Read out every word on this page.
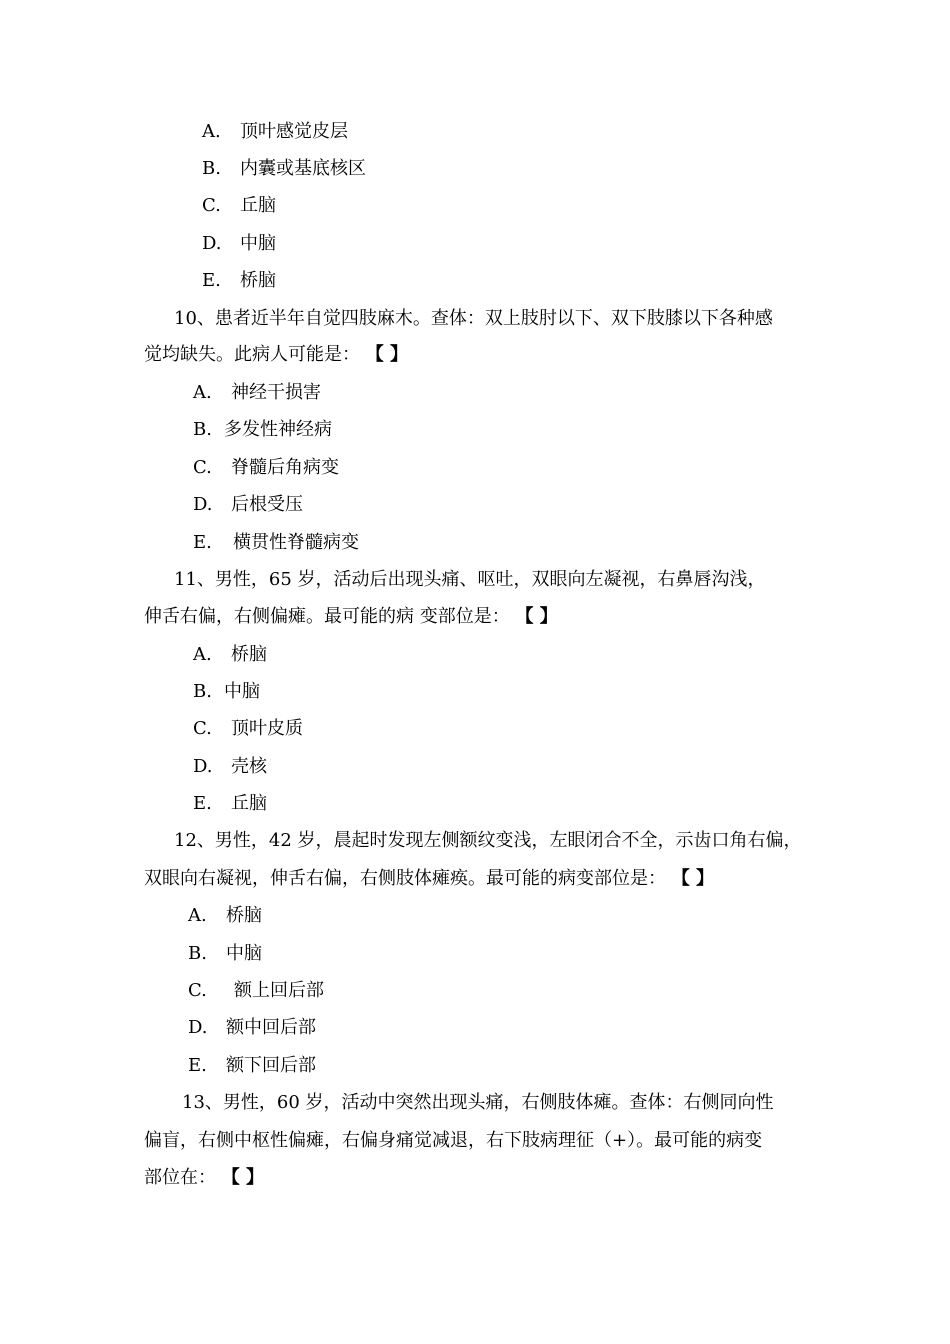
A.	顶叶感觉皮层
B.	内囊或基底核区
C.	丘脑
D.	中脑
E.	桥脑
10、患者近半年自觉四肢麻木。查体：双上肢肘以下、双下肢膝以下各种感
觉均缺失。此病人可能是： 【 】
A.	神经干损害
B. 多发性神经病
C.	脊髓后角病变
D.	后根受压
E.	横贯性脊髓病变
11、男性，65 岁，活动后出现头痛、呕吐，双眼向左凝视，右鼻唇沟浅，
伸舌右偏，右侧偏瘫。最可能的病 变部位是： 【 】
A.	桥脑
B. 中脑
C.	顶叶皮质
D.	壳核
E.	丘脑
12、男性，42 岁，晨起时发现左侧额纹变浅，左眼闭合不全，示齿口角右偏，
双眼向右凝视，伸舌右偏，右侧肢体瘫痪。最可能的病变部位是： 【 】
A.	桥脑
B.	中脑
C.	额上回后部
D.	额中回后部
E.	额下回后部
13、男性，60 岁，活动中突然出现头痛，右侧肢体瘫。查体：右侧同向性
偏盲，右侧中枢性偏瘫，右偏身痛觉减退，右下肢病理征（+）。最可能的病变
部位在： 【 】
